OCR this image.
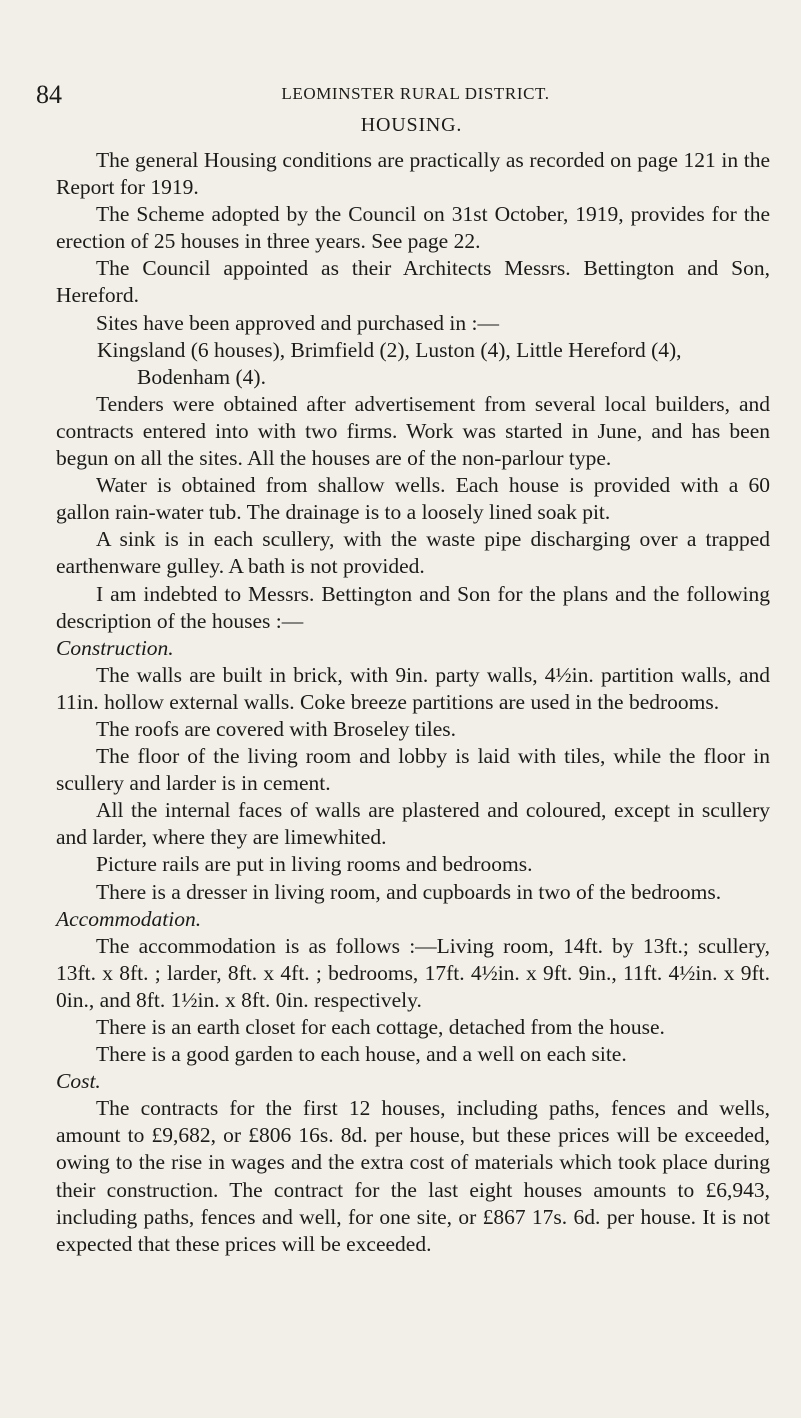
84	LEOMINSTER RURAL DISTRICT.
HOUSING.

The general Housing conditions are practically as recorded on page 121 in the Report for 1919.

The Scheme adopted by the Council on 31st October, 1919, provides for the erection of 25 houses in three years. See page 22.

The Council appointed as their Architects Messrs. Bettington and Son, Hereford.

Sites have been approved and purchased in :—

Kingsland (6 houses), Brimfield (2), Luston (4), Little Hereford (4), Bodenham (4).

Tenders were obtained after advertisement from several local builders, and contracts entered into with two firms. Work was started in June, and has been begun on all the sites. All the houses are of the non-parlour type.

Water is obtained from shallow wells. Each house is provided with a 60 gallon rain-water tub. The drainage is to a loosely lined soak pit.

A sink is in each scullery, with the waste pipe discharging over a trapped earthenware gulley. A bath is not provided.

I am indebted to Messrs. Bettington and Son for the plans and the following description of the houses :—

Construction.

The walls are built in brick, with 9in. party walls, 4½in. partition walls, and 11in. hollow external walls. Coke breeze partitions are used in the bedrooms.

The roofs are covered with Broseley tiles.

The floor of the living room and lobby is laid with tiles, while the floor in scullery and larder is in cement.

All the internal faces of walls are plastered and coloured, except in scullery and larder, where they are limewhited.

Picture rails are put in living rooms and bedrooms.

There is a dresser in living room, and cupboards in two of the bedrooms.

Accommodation.

The accommodation is as follows :—Living room, 14ft. by 13ft.; scullery, 13ft. x 8ft. ; larder, 8ft. x 4ft. ; bedrooms, 17ft. 4½in. x 9ft. 9in., 11ft. 4½in. x 9ft. 0in., and 8ft. 1½in. x 8ft. 0in. respectively.

There is an earth closet for each cottage, detached from the house.

There is a good garden to each house, and a well on each site.

Cost.

The contracts for the first 12 houses, including paths, fences and wells, amount to £9,682, or £806 16s. 8d. per house, but these prices will be exceeded, owing to the rise in wages and the extra cost of materials which took place during their construction. The contract for the last eight houses amounts to £6,943, including paths, fences and well, for one site, or £867 17s. 6d. per house. It is not expected that these prices will be exceeded.
